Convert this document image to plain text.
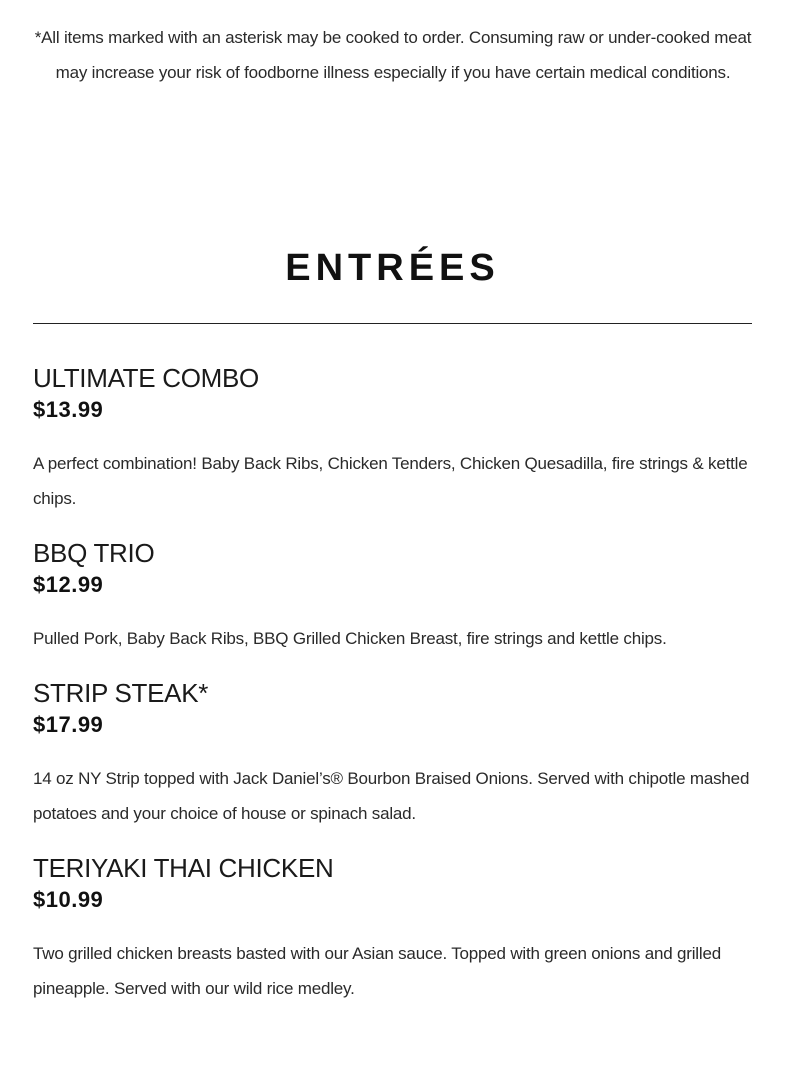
*All items marked with an asterisk may be cooked to order. Consuming raw or under-cooked meat may increase your risk of foodborne illness especially if you have certain medical conditions.

ENTRÉES
ULTIMATE COMBO
$13.99

A perfect combination! Baby Back Ribs, Chicken Tenders, Chicken Quesadilla, fire strings & kettle chips.

BBQ TRIO
$12.99

Pulled Pork, Baby Back Ribs, BBQ Grilled Chicken Breast, fire strings and kettle chips.

STRIP STEAK*
$17.99

14 oz NY Strip topped with Jack Daniel’s® Bourbon Braised Onions. Served with chipotle mashed potatoes and your choice of house or spinach salad.

TERIYAKI THAI CHICKEN
$10.99

Two grilled chicken breasts basted with our Asian sauce. Topped with green onions and grilled pineapple. Served with our wild rice medley.
